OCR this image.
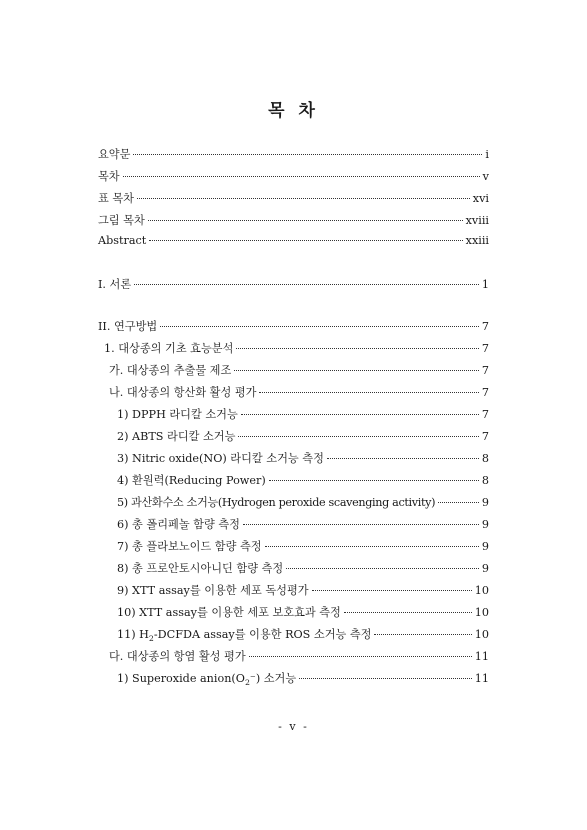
목 차
요약문	i
목차	v
표 목차	xvi
그림 목차	xviii
Abstract	xxiii
I. 서론	1
II. 연구방법	7
1. 대상종의 기초 효능분석	7
가. 대상종의 추출물 제조	7
나. 대상종의 항산화 활성 평가	7
1) DPPH 라디칼 소거능	7
2) ABTS 라디칼 소거능	7
3) Nitric oxide(NO) 라디칼 소거능 측정	8
4) 환원력(Reducing Power)	8
5) 과산화수소 소거능(Hydrogen peroxide scavenging activity)	9
6) 총 폴리페놀 함량 측정	9
7) 총 플라보노이드 함량 측정	9
8) 총 프로안토시아니딘 함량 측정	9
9) XTT assay를 이용한 세포 독성평가	10
10) XTT assay를 이용한 세포 보호효과 측정	10
11) $H_2$-DCFDA assay를 이용한 ROS 소거능 측정	10
다. 대상종의 항염 활성 평가	11
1) Superoxide $anion(O_2^-)$ 소거능	11
- v -
